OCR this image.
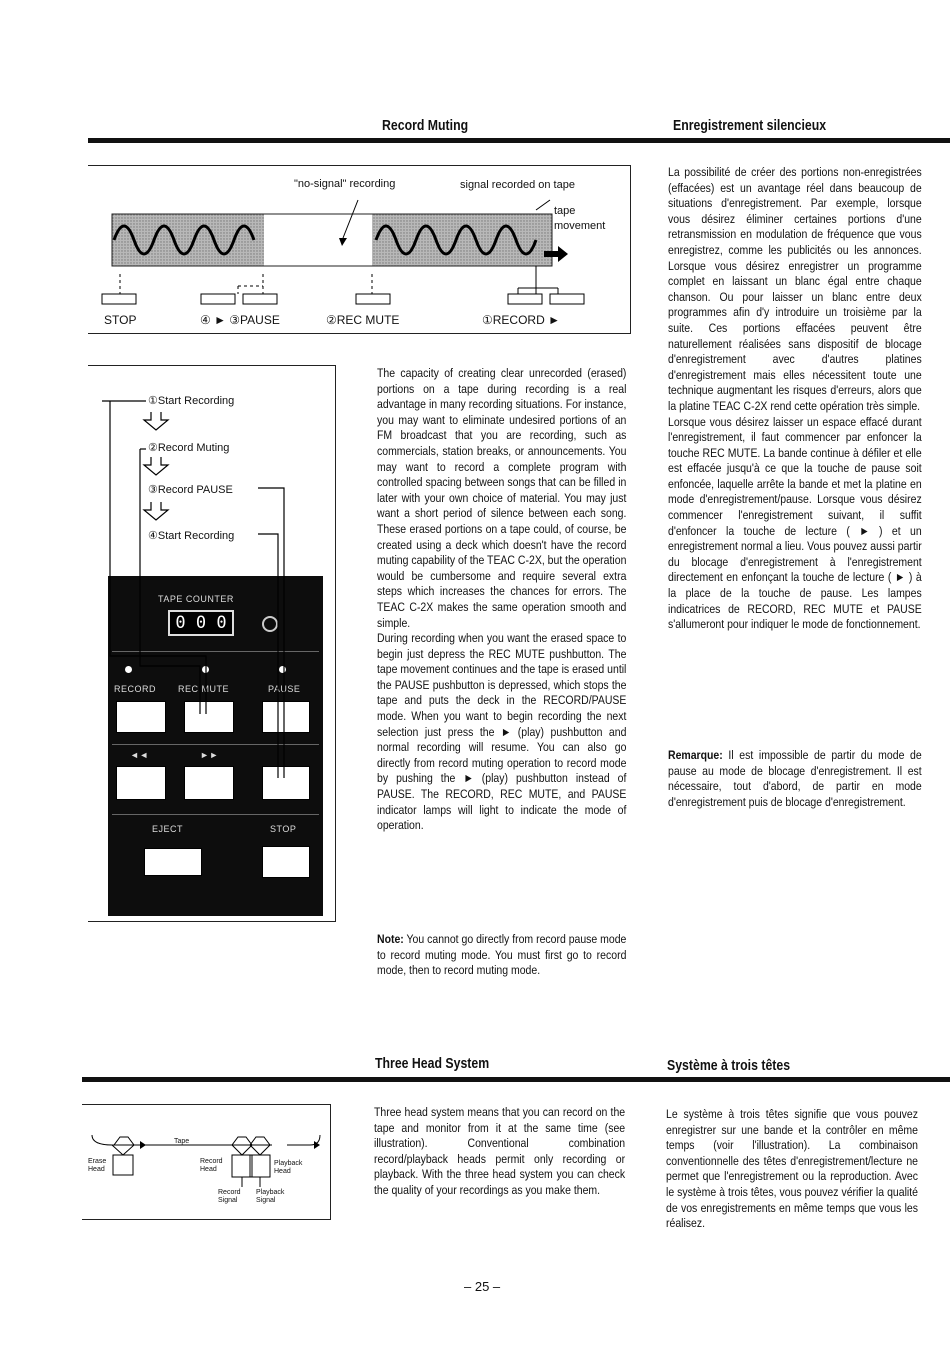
Record Muting	Enregistrement silencieux
"no-signal" recording	signal recorded on tape
tape movement
STOP	④ ► ③PAUSE	②REC MUTE	①RECORD ►
TAPE COUNTER
0 0 0
RECORD REC MUTE	PAUSE
◄◄	►►
EJECT	STOP
①Start Recording
②Record Muting
③Record PAUSE
④Start Recording

The capacity of creating clear unrecorded (erased) portions on a tape during recording is a real advantage in many recording situations. For instance, you may want to eliminate undesired portions of an FM broadcast that you are recording, such as commercials, station breaks, or announcements. You may want to record a complete program with controlled spacing between songs that can be filled in later with your own choice of material. You may just want a short period of silence between each song. These erased portions on a tape could, of course, be created using a deck which doesn't have the record muting capability of the TEAC C-2X, but the operation would be cumbersome and require several extra steps which increases the chances for errors. The TEAC C-2X makes the same operation smooth and simple.

During recording when you want the erased space to begin just depress the REC MUTE pushbutton. The tape movement continues and the tape is erased until the PAUSE pushbutton is depressed, which stops the tape and puts the deck in the RECORD/PAUSE mode. When you want to begin recording the next selection just press the ► (play) pushbutton and normal recording will resume. You can also go directly from record muting operation to record mode by pushing the ► (play) pushbutton instead of PAUSE. The RECORD, REC MUTE, and PAUSE indicator lamps will light to indicate the mode of operation.

Note: You cannot go directly from record pause mode to record muting mode. You must first go to record mode, then to record muting mode.

La possibilité de créer des portions non-enregistrées (effacées) est un avantage réel dans beaucoup de situations d'enregistrement. Par exemple, lorsque vous désirez éliminer certaines portions d'une retransmission en modulation de fréquence que vous enregistrez, comme les publicités ou les annonces. Lorsque vous désirez enregistrer un programme complet en laissant un blanc égal entre chaque chanson. Ou pour laisser un blanc entre deux programmes afin d'y introduire un troisième par la suite. Ces portions effacées peuvent être naturellement réalisées sans dispositif de blocage d'enregistrement avec d'autres platines d'enregistrement mais elles nécessitent toute une technique augmentant les risques d'erreurs, alors que la platine TEAC C-2X rend cette opération très simple.

Lorsque vous désirez laisser un espace effacé durant l'enregistrement, il faut commencer par enfoncer la touche REC MUTE. La bande continue à défiler et elle est effacée jusqu'à ce que la touche de pause soit enfoncée, laquelle arrête la bande et met la platine en mode d'enregistrement/pause. Lorsque vous désirez commencer l'enregistrement suivant, il suffit d'enfoncer la touche de lecture ( ► ) et un enregistrement normal a lieu. Vous pouvez aussi partir du blocage d'enregistrement à l'enregistrement directement en enfonçant la touche de lecture ( ► ) à la place de la touche de pause. Les lampes indicatrices de RECORD, REC MUTE et PAUSE s'allumeront pour indiquer le mode de fonctionnement.

Remarque: Il est impossible de partir du mode de pause au mode de blocage d'enregistrement. Il est nécessaire, tout d'abord, de partir en mode d'enregistrement puis de blocage d'enregistrement.

Three Head System	Système à trois têtes
Tape
Erase Head
Record Head
Playback Head
Record Signal
Playback Signal

Three head system means that you can record on the tape and monitor from it at the same time (see illustration). Conventional combination record/playback heads permit only recording or playback. With the three head system you can check the quality of your recordings as you make them.

Le système à trois têtes signifie que vous pouvez enregistrer sur une bande et la contrôler en même temps (voir l'illustration). La combinaison conventionnelle des têtes d'enregistrement/lecture ne permet que l'enregistrement ou la reproduction. Avec le système à trois têtes, vous pouvez vérifier la qualité de vos enregistrements en même temps que vous les réalisez.

– 25 –
